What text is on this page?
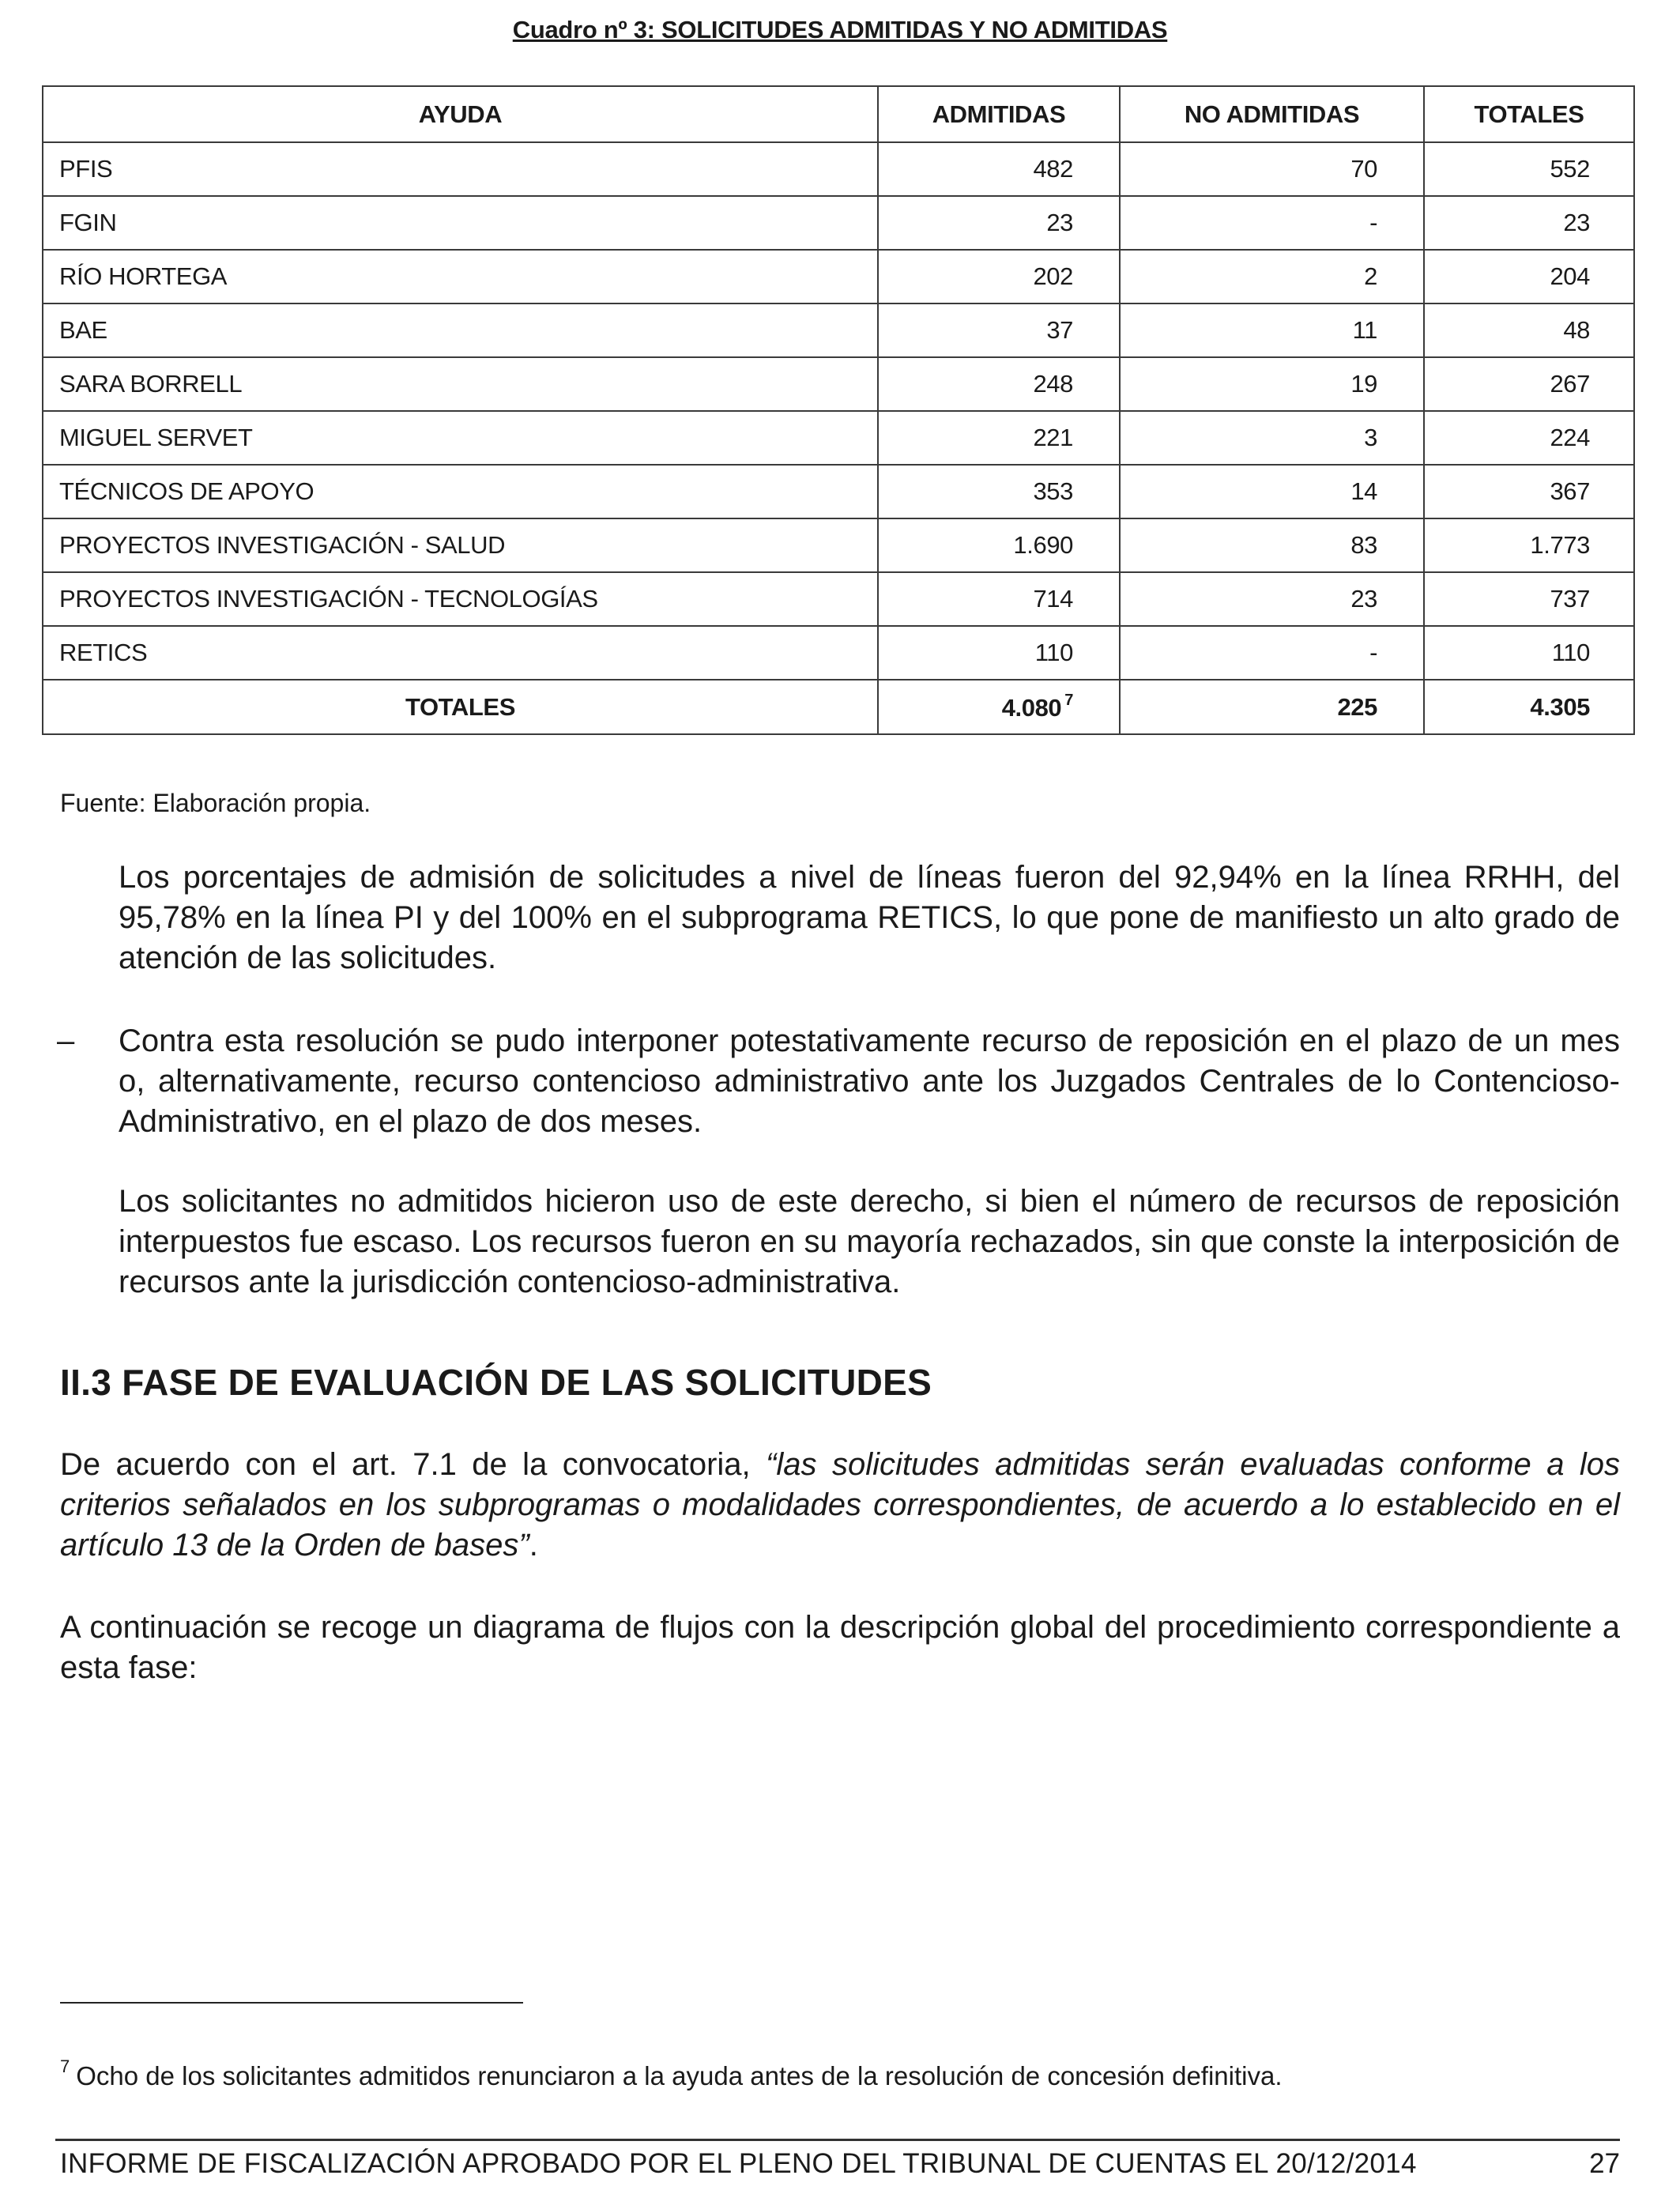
Cuadro nº 3: SOLICITUDES ADMITIDAS Y NO ADMITIDAS
AYUDA	ADMITIDAS	NO ADMITIDAS	TOTALES
PFIS	482	70	552
FGIN	23	-	23
RÍO HORTEGA	202	2	204
BAE	37	11	48
SARA BORRELL	248	19	267
MIGUEL SERVET	221	3	224
TÉCNICOS DE APOYO	353	14	367
PROYECTOS INVESTIGACIÓN - SALUD	1.690	83	1.773
PROYECTOS INVESTIGACIÓN - TECNOLOGÍAS	714	23	737
RETICS	110	-	110
TOTALES	4.080 $^7$	225	4.305
Fuente: Elaboración propia.
Los porcentajes de admisión de solicitudes a nivel de líneas fueron del 92,94% en la línea RRHH, del 95,78% en la línea PI y del 100% en el subprograma RETICS, lo que pone de manifiesto un alto grado de atención de las solicitudes.
– Contra esta resolución se pudo interponer potestativamente recurso de reposición en el plazo de un mes o, alternativamente, recurso contencioso administrativo ante los Juzgados Centrales de lo Contencioso-Administrativo, en el plazo de dos meses.
Los solicitantes no admitidos hicieron uso de este derecho, si bien el número de recursos de reposición interpuestos fue escaso. Los recursos fueron en su mayoría rechazados, sin que conste la interposición de recursos ante la jurisdicción contencioso-administrativa.
II.3 FASE DE EVALUACIÓN DE LAS SOLICITUDES
De acuerdo con el art. 7.1 de la convocatoria, “las solicitudes admitidas serán evaluadas conforme a los criterios señalados en los subprogramas o modalidades correspondientes, de acuerdo a lo establecido en el artículo 13 de la Orden de bases”.
A continuación se recoge un diagrama de flujos con la descripción global del procedimiento correspondiente a esta fase:
$^7$ Ocho de los solicitantes admitidos renunciaron a la ayuda antes de la resolución de concesión definitiva.
INFORME DE FISCALIZACIÓN APROBADO POR EL PLENO DEL TRIBUNAL DE CUENTAS EL 20/12/2014	27
